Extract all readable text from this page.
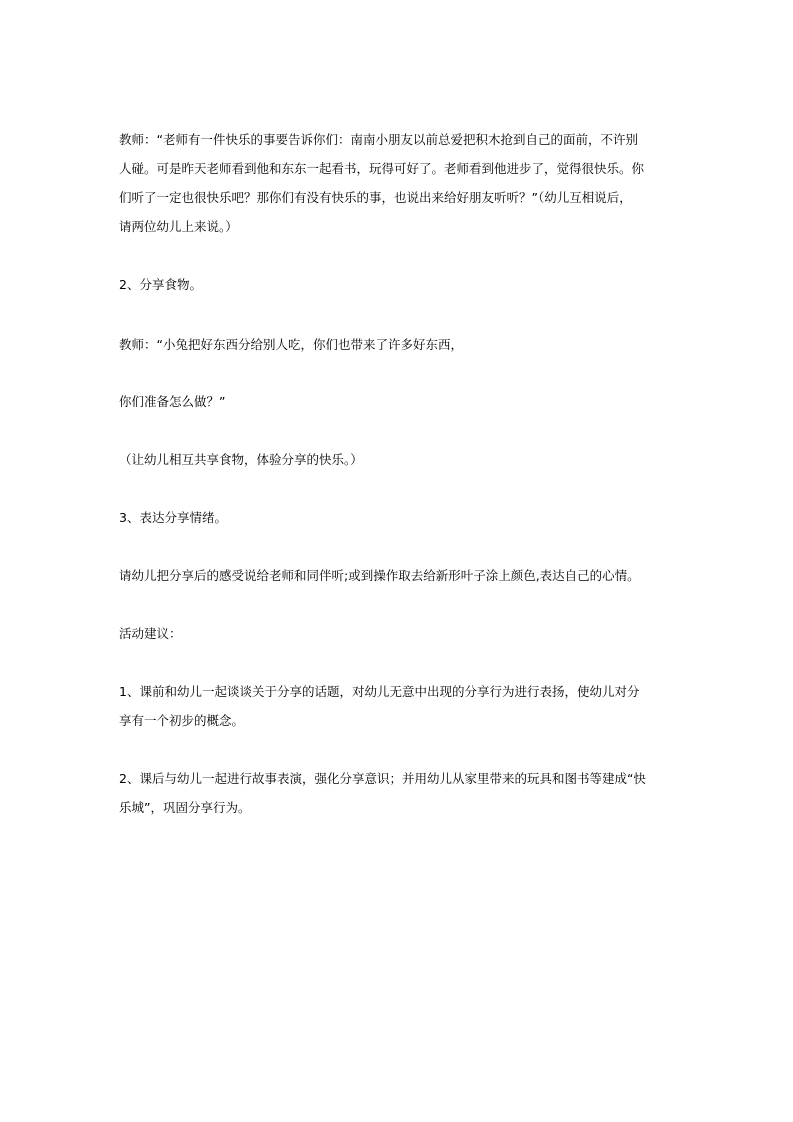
教师：“老师有一件快乐的事要告诉你们：南南小朋友以前总爱把积木抢到自己的面前，不许别
人碰。可是昨天老师看到他和东东一起看书，玩得可好了。老师看到他进步了，觉得很快乐。你
们听了一定也很快乐吧？那你们有没有快乐的事，也说出来给好朋友听听？”（幼儿互相说后，
请两位幼儿上来说。）

2、分享食物。

教师：“小兔把好东西分给别人吃，你们也带来了许多好东西，

你们准备怎么做？”

（让幼儿相互共享食物，体验分享的快乐。）

3、表达分享情绪。

请幼儿把分享后的感受说给老师和同伴听;或到操作取去给新形叶子涂上颜色,表达自己的心情。

活动建议：

1、课前和幼儿一起谈谈关于分享的话题，对幼儿无意中出现的分享行为进行表扬，使幼儿对分
享有一个初步的概念。

2、课后与幼儿一起进行故事表演，强化分享意识；并用幼儿从家里带来的玩具和图书等建成“快
乐城”，巩固分享行为。
